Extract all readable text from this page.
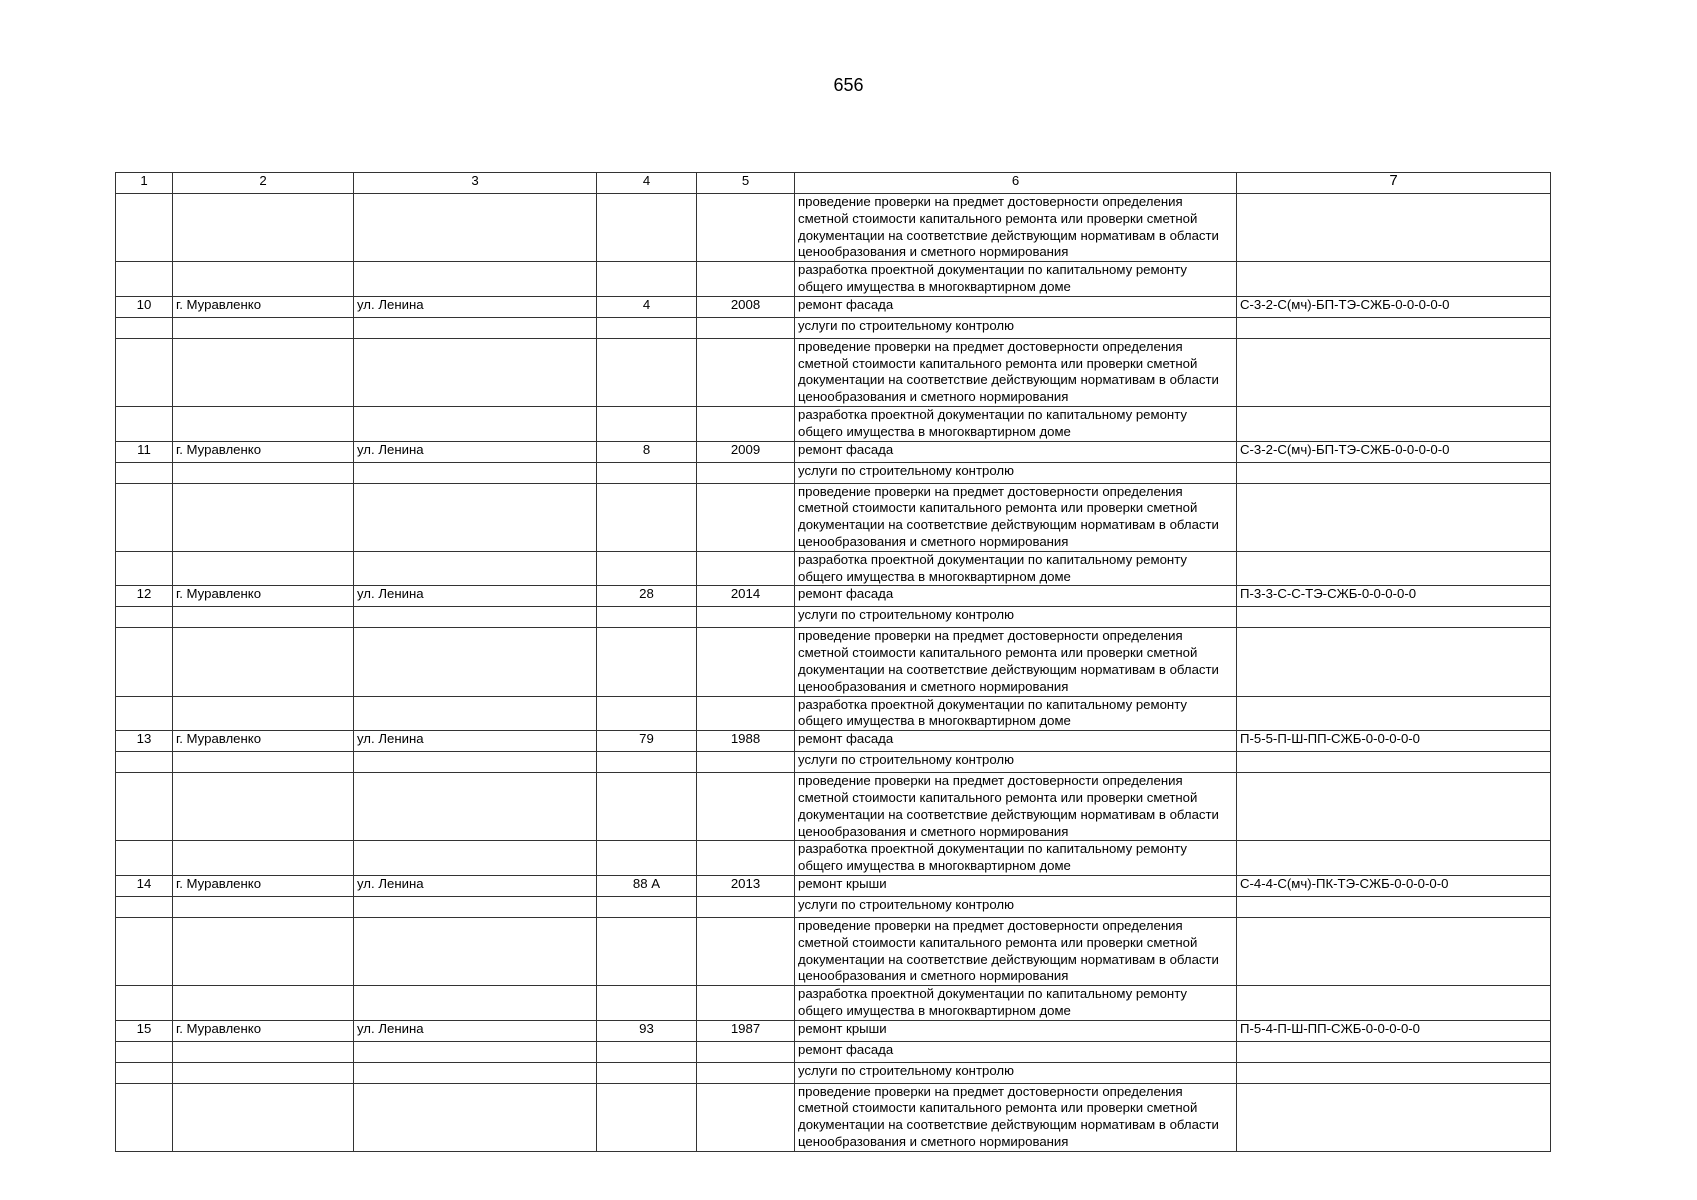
656
1	2	3	4	5	6	7
					проведение проверки на предмет достоверности определения сметной стоимости капитального ремонта или проверки сметной документации на соответствие действующим нормативам в области ценообразования и сметного нормирования	
					разработка проектной документации по капитальному ремонту общего имущества в многоквартирном доме	
10	г. Муравленко	ул. Ленина	4	2008	ремонт фасада	С-3-2-С(мч)-БП-ТЭ-СЖБ-0-0-0-0-0
					услуги по строительному контролю	
					проведение проверки на предмет достоверности определения сметной стоимости капитального ремонта или проверки сметной документации на соответствие действующим нормативам в области ценообразования и сметного нормирования	
					разработка проектной документации по капитальному ремонту общего имущества в многоквартирном доме	
11	г. Муравленко	ул. Ленина	8	2009	ремонт фасада	С-3-2-С(мч)-БП-ТЭ-СЖБ-0-0-0-0-0
					услуги по строительному контролю	
					проведение проверки на предмет достоверности определения сметной стоимости капитального ремонта или проверки сметной документации на соответствие действующим нормативам в области ценообразования и сметного нормирования	
					разработка проектной документации по капитальному ремонту общего имущества в многоквартирном доме	
12	г. Муравленко	ул. Ленина	28	2014	ремонт фасада	П-3-3-С-С-ТЭ-СЖБ-0-0-0-0-0
					услуги по строительному контролю	
					проведение проверки на предмет достоверности определения сметной стоимости капитального ремонта или проверки сметной документации на соответствие действующим нормативам в области ценообразования и сметного нормирования	
					разработка проектной документации по капитальному ремонту общего имущества в многоквартирном доме	
13	г. Муравленко	ул. Ленина	79	1988	ремонт фасада	П-5-5-П-Ш-ПП-СЖБ-0-0-0-0-0
					услуги по строительному контролю	
					проведение проверки на предмет достоверности определения сметной стоимости капитального ремонта или проверки сметной документации на соответствие действующим нормативам в области ценообразования и сметного нормирования	
					разработка проектной документации по капитальному ремонту общего имущества в многоквартирном доме	
14	г. Муравленко	ул. Ленина	88 А	2013	ремонт крыши	С-4-4-С(мч)-ПК-ТЭ-СЖБ-0-0-0-0-0
					услуги по строительному контролю	
					проведение проверки на предмет достоверности определения сметной стоимости капитального ремонта или проверки сметной документации на соответствие действующим нормативам в области ценообразования и сметного нормирования	
					разработка проектной документации по капитальному ремонту общего имущества в многоквартирном доме	
15	г. Муравленко	ул. Ленина	93	1987	ремонт крыши	П-5-4-П-Ш-ПП-СЖБ-0-0-0-0-0
					ремонт фасада	
					услуги по строительному контролю	
					проведение проверки на предмет достоверности определения сметной стоимости капитального ремонта или проверки сметной документации на соответствие действующим нормативам в области ценообразования и сметного нормирования	
